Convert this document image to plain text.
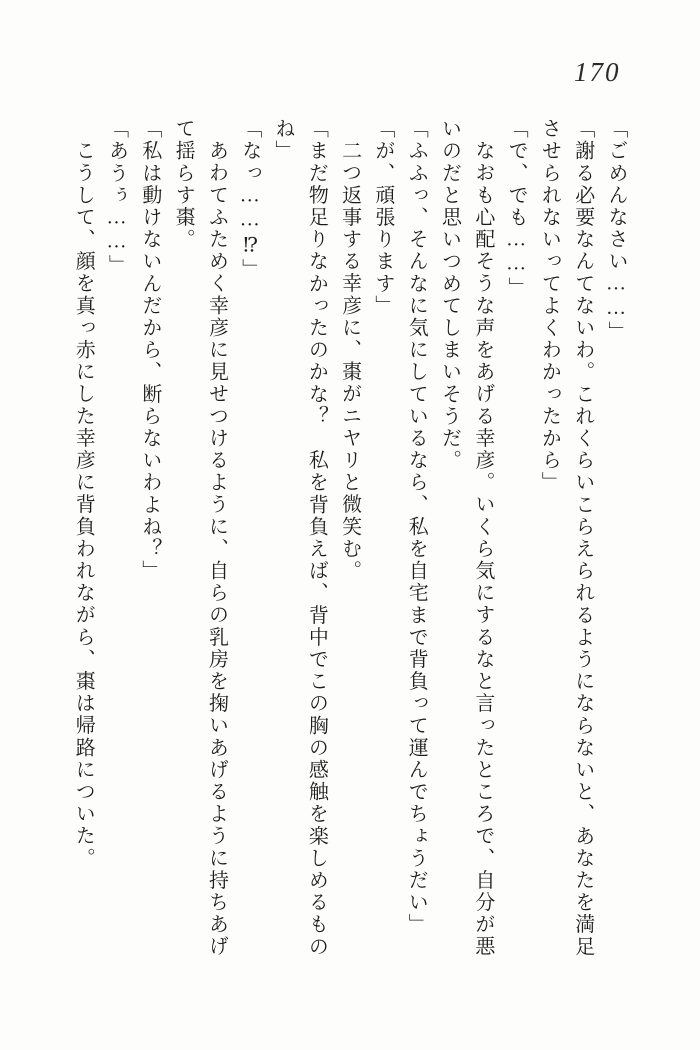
170
「ごめんなさい……」
「謝る必要なんてないわ。これくらいこらえられるようにならないと、あなたを満足
させられないってよくわかったから」
「で、でも……」
なおも心配そうな声をあげる幸彦。いくら気にするなと言ったところで、自分が悪
いのだと思いつめてしまいそうだ。
「ふふっ、そんなに気にしているなら、私を自宅まで背負って運んでちょうだい」
「が、頑張ります」
二つ返事する幸彦に、棗がニヤリと微笑む。
「まだ物足りなかったのかな？　私を背負えば、背中でこの胸の感触を楽しめるもの
ね」
「なっ……⁉」
あわてふためく幸彦に見せつけるように、自らの乳房を掬いあげるように持ちあげ
て揺らす棗。
「私は動けないんだから、断らないわよね？」
「あうぅ……」
こうして、顔を真っ赤にした幸彦に背負われながら、棗は帰路についた。
